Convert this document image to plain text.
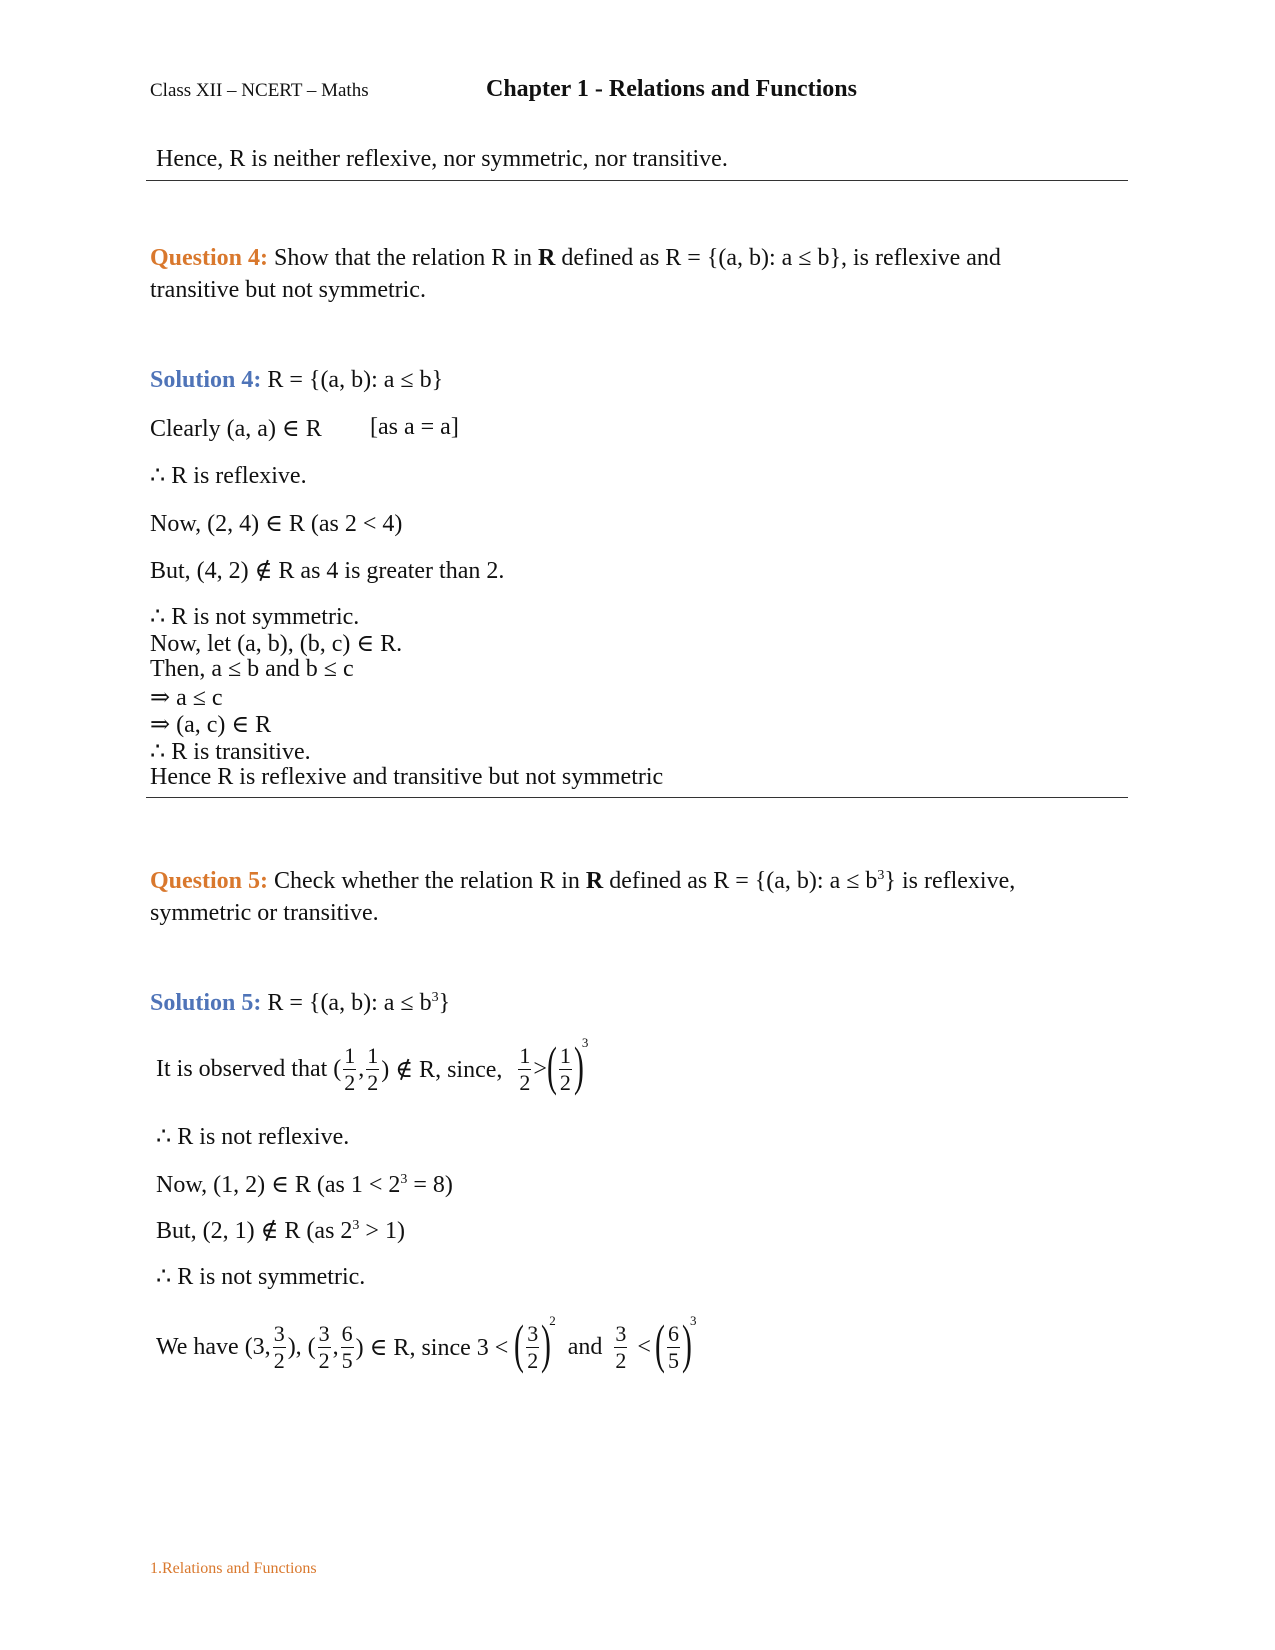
Class XII – NCERT – Maths	Chapter 1 - Relations and Functions
Hence, R is neither reflexive, nor symmetric, nor transitive.
Question 4: Show that the relation R in R defined as R = {(a, b): a ≤ b}, is reflexive and transitive but not symmetric.
Solution 4: R = {(a, b): a ≤ b}
Clearly (a, a) ∈ R [as a = a]
∴ R is reflexive.
Now, (2, 4) ∈ R (as 2 < 4)
But, (4, 2) ∉ R as 4 is greater than 2.
∴ R is not symmetric.
Now, let (a, b), (b, c) ∈ R.
Then, a ≤ b and b ≤ c
⇒ a ≤ c
⇒ (a, c) ∈ R
∴ R is transitive.
Hence R is reflexive and transitive but not symmetric
Question 5: Check whether the relation R in R defined as R = {(a, b): $a \le b^3$} is reflexive, symmetric or transitive.
Solution 5: R = {(a, b): $a \le b^3$}
It is observed that ( $\frac{1}{2}$ , $\frac{1}{2}$ ) ∉ R, since, $\frac{1}{2}$ > ( $\frac{1}{2}$ )
3
∴ R is not reflexive.
Now, (1, 2) ∈ R (as $1 < 2^3 = 8$)
But, (2, 1) ∉ R (as $2^3 > 1$)
∴ R is not symmetric.
We have (3, $\frac{3}{2}$ ), ( $\frac{3}{2}$ , $\frac{6}{5}$ ) ∈ R, since 3 < ( $\frac{3}{2}$ )
2
and $\frac{3}{2}$ < ( $\frac{6}{5}$ )
3
1.Relations and Functions
